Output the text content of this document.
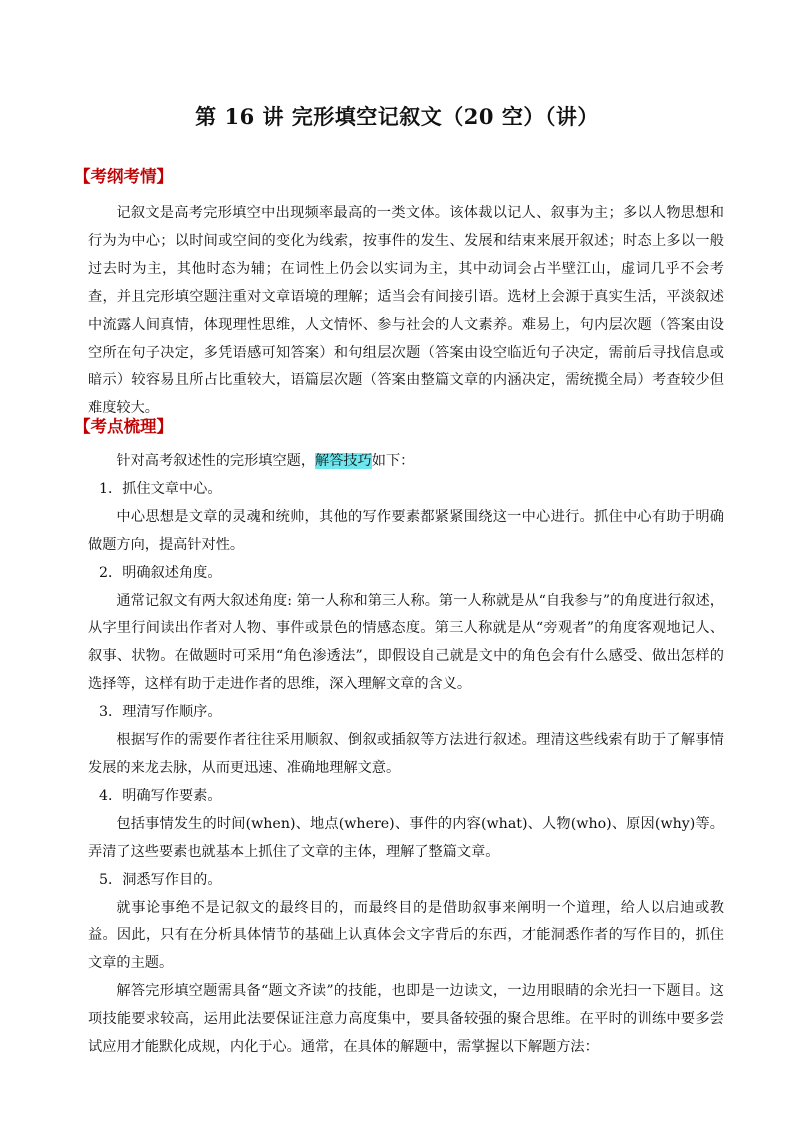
第 16 讲 完形填空记叙文（20 空）（讲）
【考纲考情】

记叙文是高考完形填空中出现频率最高的一类文体。该体裁以记人、叙事为主；多以人物思想和行为为中心；以时间或空间的变化为线索，按事件的发生、发展和结束来展开叙述；时态上多以一般过去时为主，其他时态为辅；在词性上仍会以实词为主，其中动词会占半壁江山，虚词几乎不会考查，并且完形填空题注重对文章语境的理解；适当会有间接引语。选材上会源于真实生活，平淡叙述中流露人间真情，体现理性思维，人文情怀、参与社会的人文素养。难易上，句内层次题（答案由设空所在句子决定，多凭语感可知答案）和句组层次题（答案由设空临近句子决定，需前后寻找信息或暗示）较容易且所占比重较大，语篇层次题（答案由整篇文章的内涵决定，需统揽全局）考查较少但难度较大。

【考点梳理】

针对高考叙述性的完形填空题，解答技巧如下：

1．抓住文章中心。

中心思想是文章的灵魂和统帅，其他的写作要素都紧紧围绕这一中心进行。抓住中心有助于明确做题方向，提高针对性。

2．明确叙述角度。

通常记叙文有两大叙述角度: 第一人称和第三人称。第一人称就是从“自我参与”的角度进行叙述，从字里行间读出作者对人物、事件或景色的情感态度。第三人称就是从“旁观者”的角度客观地记人、叙事、状物。在做题时可采用“角色渗透法”，即假设自己就是文中的角色会有什么感受、做出怎样的选择等，这样有助于走进作者的思维，深入理解文章的含义。

3．理清写作顺序。

根据写作的需要作者往往采用顺叙、倒叙或插叙等方法进行叙述。理清这些线索有助于了解事情发展的来龙去脉，从而更迅速、准确地理解文意。

4．明确写作要素。

包括事情发生的时间(when)、地点(where)、事件的内容(what)、人物(who)、原因(why)等。弄清了这些要素也就基本上抓住了文章的主体，理解了整篇文章。

5．洞悉写作目的。

就事论事绝不是记叙文的最终目的，而最终目的是借助叙事来阐明一个道理，给人以启迪或教益。因此，只有在分析具体情节的基础上认真体会文字背后的东西，才能洞悉作者的写作目的，抓住文章的主题。

解答完形填空题需具备“题文齐读”的技能，也即是一边读文，一边用眼睛的余光扫一下题目。这项技能要求较高，运用此法要保证注意力高度集中，要具备较强的聚合思维。在平时的训练中要多尝试应用才能默化成规，内化于心。通常，在具体的解题中，需掌握以下解题方法：
